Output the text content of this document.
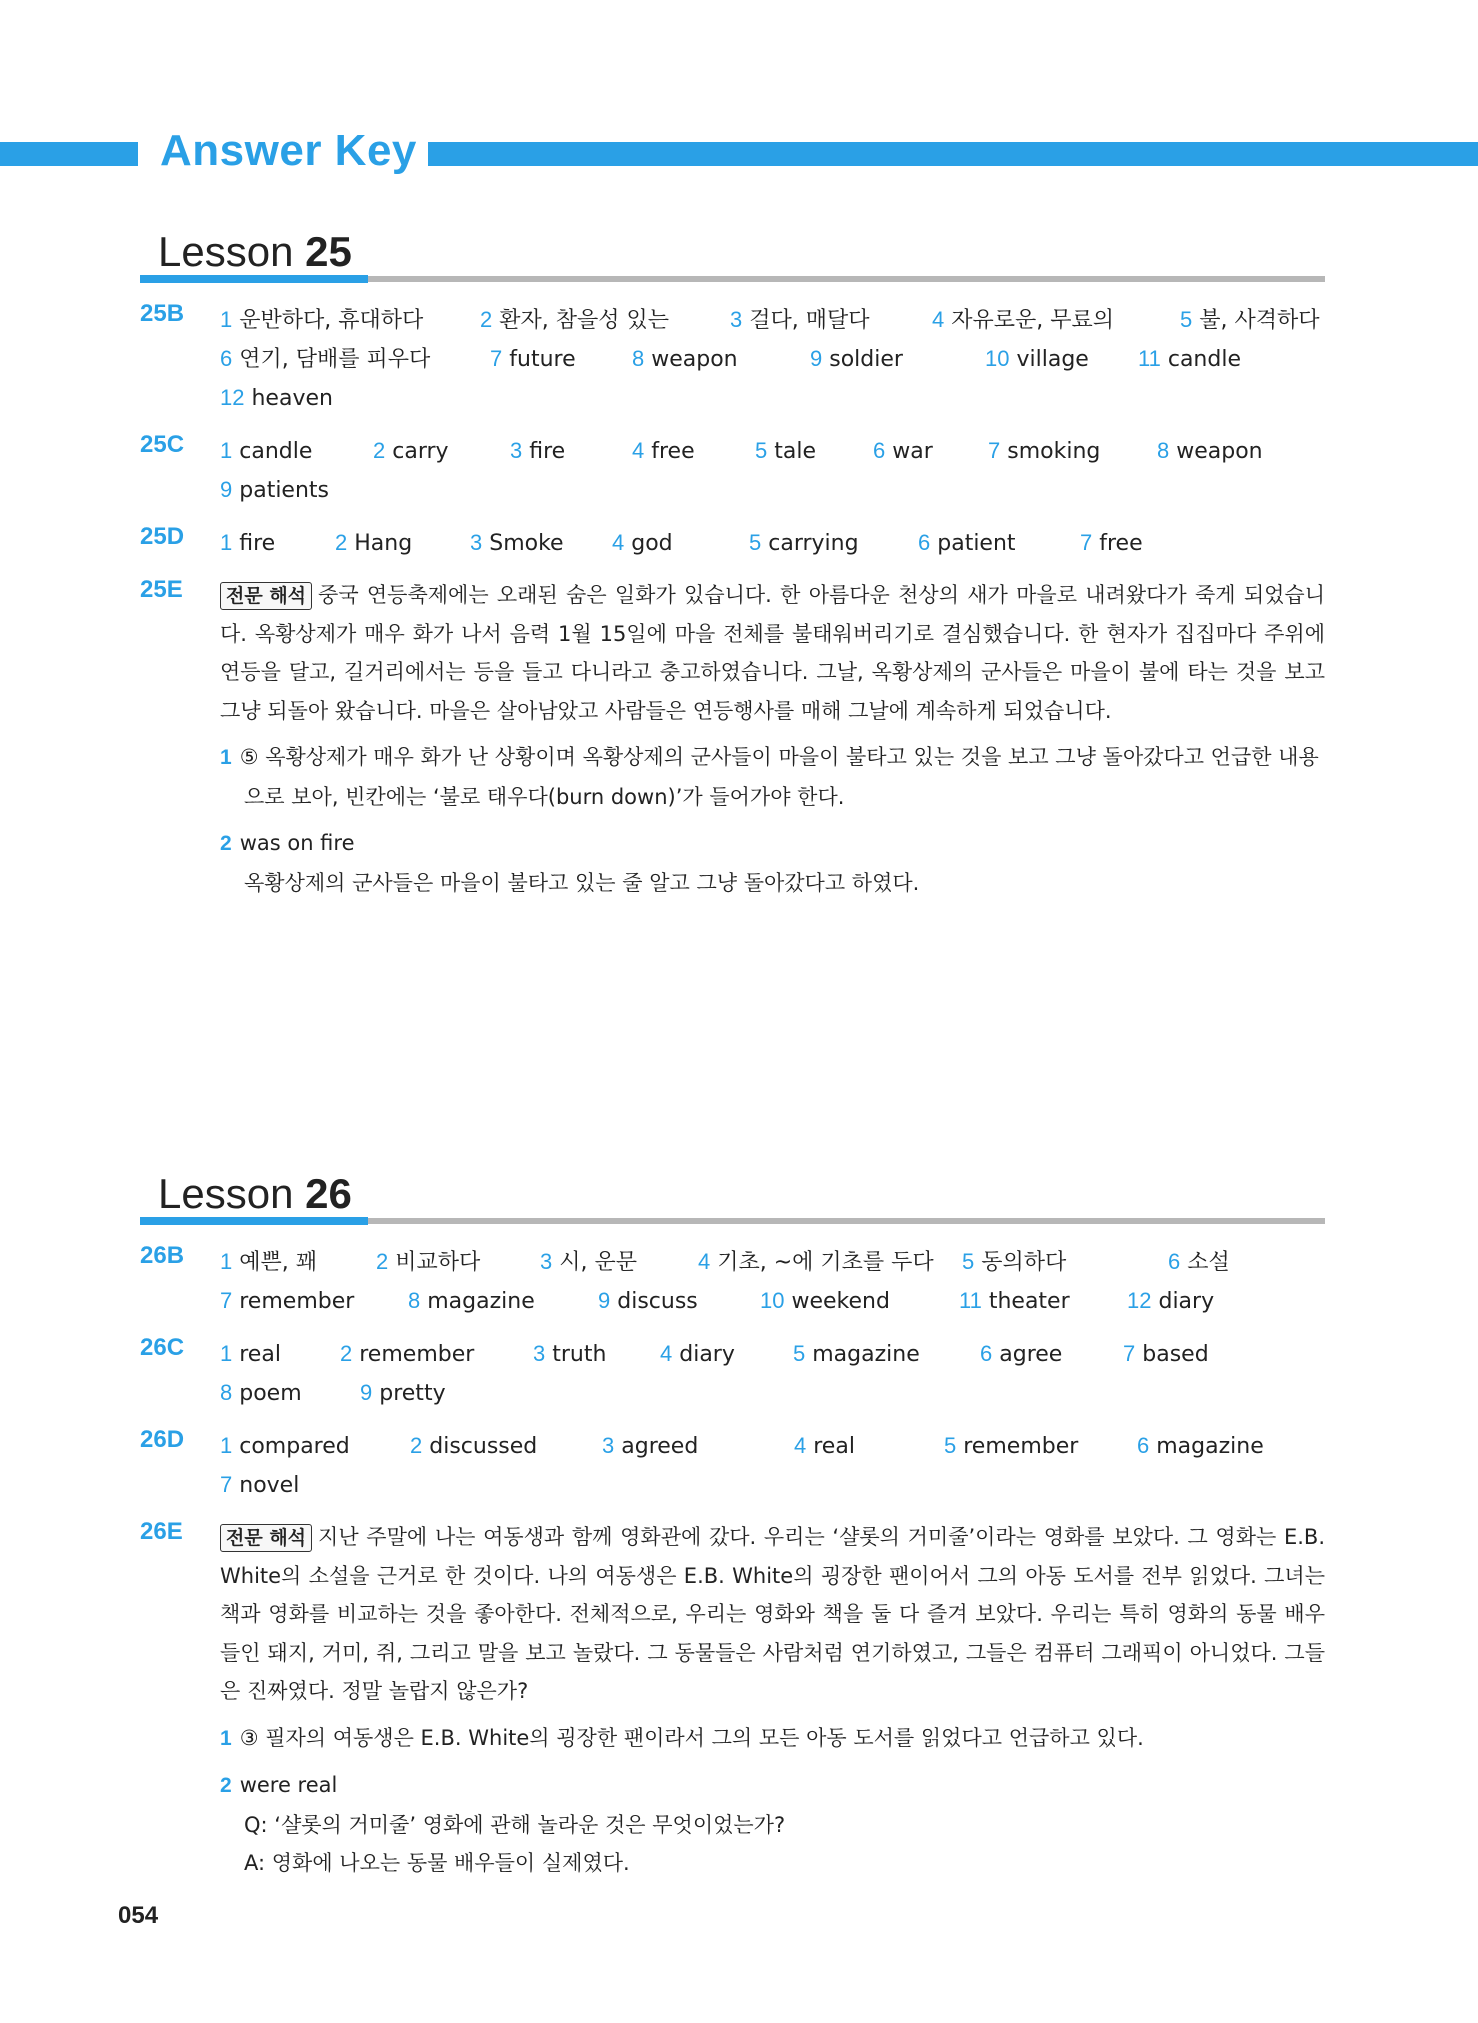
Answer Key
Lesson 25
25B	1 운반하다, 휴대하다	2 환자, 참을성 있는	3 걸다, 매달다	4 자유로운, 무료의	5 불, 사격하다
6 연기, 담배를 피우다	7 future	8 weapon	9 soldier	10 village 11 candle
12 heaven
25C	1 candle	2 carry	3 fire	4 free	5 tale	6 war	7 smoking	8 weapon
9 patients
25D	1 fire	2 Hang	3 Smoke 4 god	5 carrying	6 patient	7 free
25E	전문 해석 중국 연등축제에는 오래된 숨은 일화가 있습니다. 한 아름다운 천상의 새가 마을로 내려왔다가 죽게 되었습니다. 옥황상제가 매우 화가 나서 음력 1월 15일에 마을 전체를 불태워버리기로 결심했습니다. 한 현자가 집집마다 주위에 연등을 달고, 길거리에서는 등을 들고 다니라고 충고하였습니다. 그날, 옥황상제의 군사들은 마을이 불에 타는 것을 보고 그냥 되돌아 왔습니다. 마을은 살아남았고 사람들은 연등행사를 매해 그날에 계속하게 되었습니다.
1 ⑤ 옥황상제가 매우 화가 난 상황이며 옥황상제의 군사들이 마을이 불타고 있는 것을 보고 그냥 돌아갔다고 언급한 내용으로 보아, 빈칸에는 ‘불로 태우다(burn down)’가 들어가야 한다.
2 was on fire
옥황상제의 군사들은 마을이 불타고 있는 줄 알고 그냥 돌아갔다고 하였다.
Lesson 26
26B	1 예쁜, 꽤	2 비교하다	3 시, 운문	4 기초, ~에 기초를 두다 5 동의하다	6 소설
7 remember 8 magazine	9 discuss	10 weekend	11 theater	12 diary
26C	1 real	2 remember	3 truth 4 diary	5 magazine	6 agree	7 based
8 poem	9 pretty
26D	1 compared	2 discussed	3 agreed	4 real	5 remember	6 magazine
7 novel
26E	전문 해석 지난 주말에 나는 여동생과 함께 영화관에 갔다. 우리는 ‘샬롯의 거미줄’이라는 영화를 보았다. 그 영화는 E.B. White의 소설을 근거로 한 것이다. 나의 여동생은 E.B. White의 굉장한 팬이어서 그의 아동 도서를 전부 읽었다. 그녀는 책과 영화를 비교하는 것을 좋아한다. 전체적으로, 우리는 영화와 책을 둘 다 즐겨 보았다. 우리는 특히 영화의 동물 배우들인 돼지, 거미, 쥐, 그리고 말을 보고 놀랐다. 그 동물들은 사람처럼 연기하였고, 그들은 컴퓨터 그래픽이 아니었다. 그들은 진짜였다. 정말 놀랍지 않은가?
1 ③ 필자의 여동생은 E.B. White의 굉장한 팬이라서 그의 모든 아동 도서를 읽었다고 언급하고 있다.
2 were real
Q: ‘샬롯의 거미줄’ 영화에 관해 놀라운 것은 무엇이었는가?
A: 영화에 나오는 동물 배우들이 실제였다.
054
